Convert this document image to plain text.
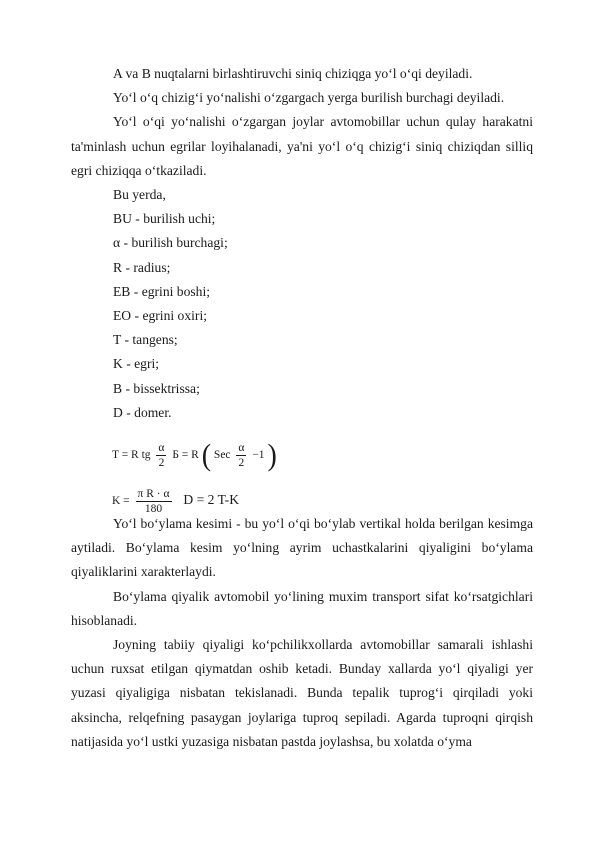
A va B nuqtalarni birlashtiruvchi siniq chiziqga yo‘l o‘qi deyiladi.

Yo‘l o‘q chizig‘i yo‘nalishi o‘zgargach yerga burilish burchagi deyiladi.

Yo‘l o‘qi yo‘nalishi o‘zgargan joylar avtomobillar uchun qulay harakatni ta'minlash uchun egrilar loyihalanadi, ya'ni yo‘l o‘q chizig‘i siniq chiziqdan silliq egri chiziqqa o‘tkaziladi.

Bu yerda,

BU - burilish uchi;

α - burilish burchagi;

R - radius;

EB - egrini boshi;

EO - egrini oxiri;

T - tangens;

K - egri;

B - bissektrissa;

D - domer.

T = R tg $\frac{\alpha}{2}$ Б = R ( Sec $\frac{\alpha}{2} -1$ )
$K = \frac{\text{π R · α}}{180}$ D = 2 T-K

Yo‘l bo‘ylama kesimi - bu yo‘l o‘qi bo‘ylab vertikal holda berilgan kesimga aytiladi. Bo‘ylama kesim yo‘lning ayrim uchastkalarini qiyaligini bo‘ylama qiyaliklarini xarakterlaydi.

Bo‘ylama qiyalik avtomobil yo‘lining muxim transport sifat ko‘rsatgichlari hisoblanadi.

Joyning tabiiy qiyaligi ko‘pchilikxollarda avtomobillar samarali ishlashi uchun ruxsat etilgan qiymatdan oshib ketadi. Bunday xallarda yo‘l qiyaligi yer yuzasi qiyaligiga nisbatan tekislanadi. Bunda tepalik tuprog‘i qirqiladi yoki aksincha, relqefning pasaygan joylariga tuproq sepiladi. Agarda tuproqni qirqish natijasida yo‘l ustki yuzasiga nisbatan pastda joylashsa, bu xolatda o‘yma
